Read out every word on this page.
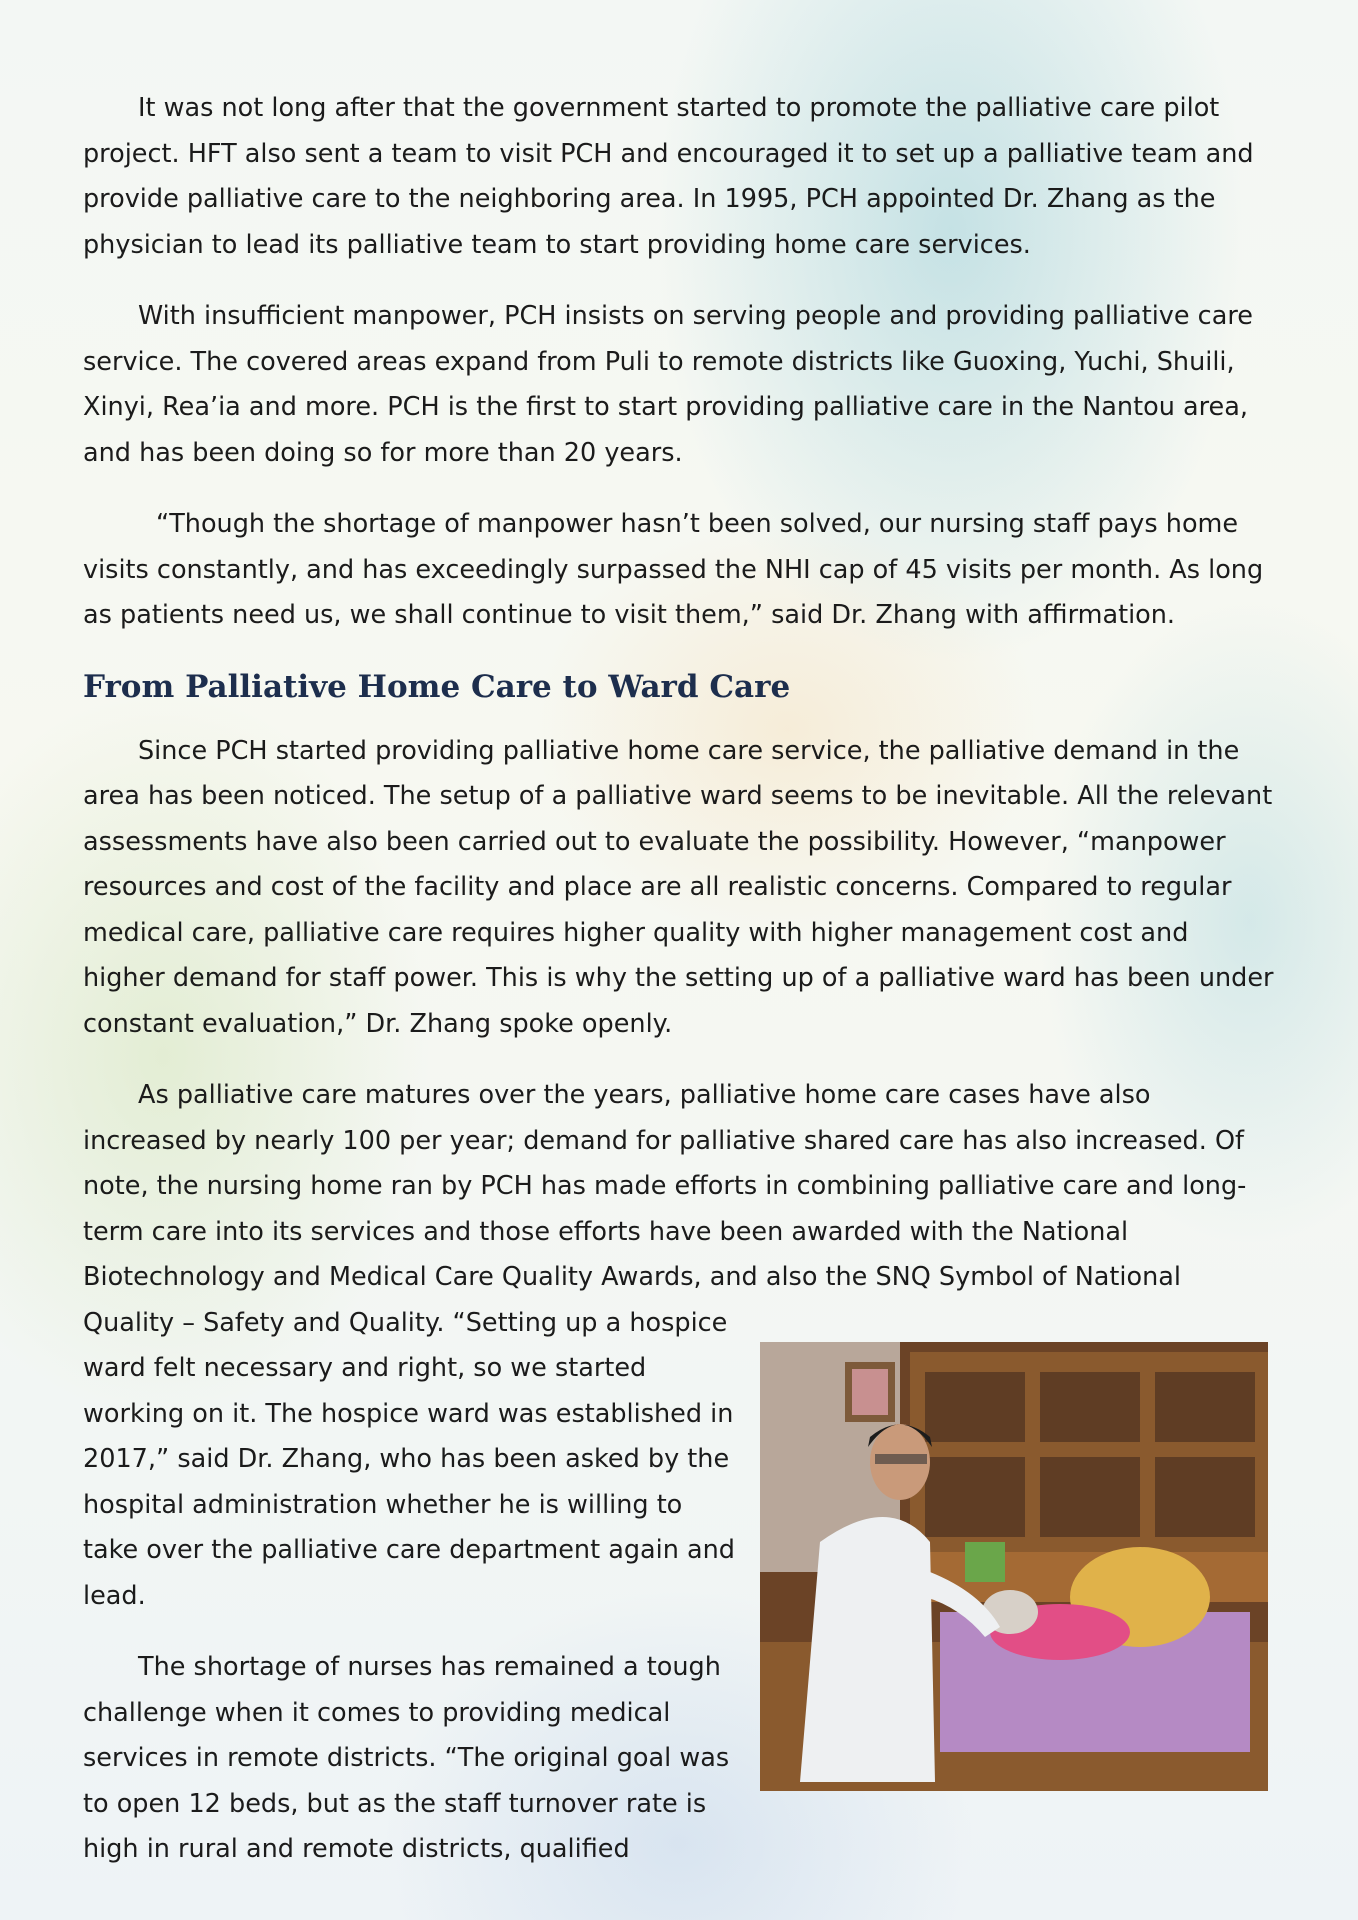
It was not long after that the government started to promote the palliative care pilot project. HFT also sent a team to visit PCH and encouraged it to set up a palliative team and provide palliative care to the neighboring area. In 1995, PCH appointed Dr. Zhang as the physician to lead its palliative team to start providing home care services.

With insufficient manpower, PCH insists on serving people and providing palliative care service. The covered areas expand from Puli to remote districts like Guoxing, Yuchi, Shuili, Xinyi, Rea’ia and more. PCH is the first to start providing palliative care in the Nantou area, and has been doing so for more than 20 years.

“Though the shortage of manpower hasn’t been solved, our nursing staff pays home visits constantly, and has exceedingly surpassed the NHI cap of 45 visits per month. As long as patients need us, we shall continue to visit them,” said Dr. Zhang with affirmation.

From Palliative Home Care to Ward Care

Since PCH started providing palliative home care service, the palliative demand in the area has been noticed. The setup of a palliative ward seems to be inevitable. All the relevant assessments have also been carried out to evaluate the possibility. However, “manpower resources and cost of the facility and place are all realistic concerns. Compared to regular medical care, palliative care requires higher quality with higher management cost and higher demand for staff power. This is why the setting up of a palliative ward has been under constant evaluation,” Dr. Zhang spoke openly.

As palliative care matures over the years, palliative home care cases have also increased by nearly 100 per year; demand for palliative shared care has also increased. Of note, the nursing home ran by PCH has made efforts in combining palliative care and long-term care into its services and those efforts have been awarded with the National Biotechnology and Medical Care Quality Awards, and also the SNQ Symbol of National Quality – Safety and Quality. “Setting up a hospice ward felt necessary and right, so we started working on it. The hospice ward was established in 2017,” said Dr. Zhang, who has been asked by the hospital administration whether he is willing to take over the palliative care department again and lead.

The shortage of nurses has remained a tough challenge when it comes to providing medical services in remote districts. “The original goal was to open 12 beds, but as the staff turnover rate is high in rural and remote districts, qualified
